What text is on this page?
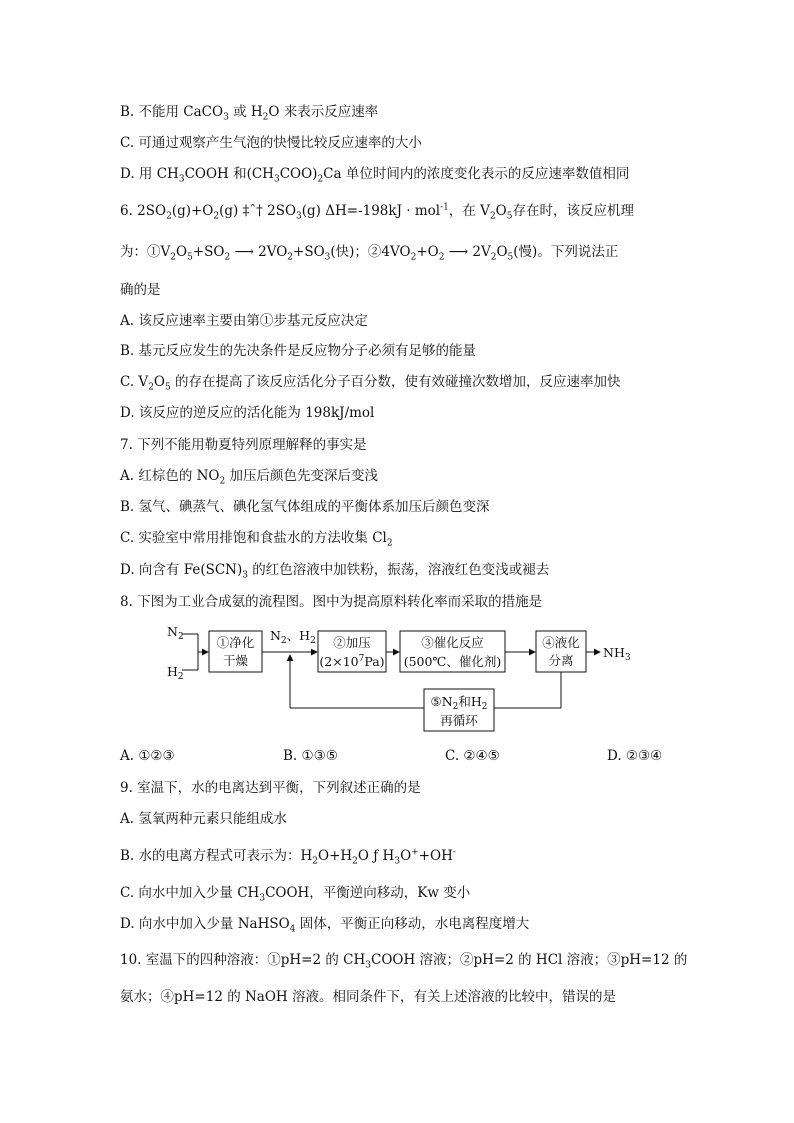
B. 不能用 CaCO$_3$ 或 $H_2O$ 来表示反应速率
C. 可通过观察产生气泡的快慢比较反应速率的大小
D. 用 $CH_3COOH$ 和$(CH_3COO)_2Ca$ 单位时间内的浓度变化表示的反应速率数值相同
6. $2SO_2(g)+O_2(g)$ ‡ˆ† $2SO_3(g) \Delta H=-198kJ \cdot mol^{-1}$，在 $V_2O_5$存在时，该反应机理
为：$①V_2O_5+SO_2$ ⟶ $2VO_2+SO_3$(快)；$②4VO_2+O_2$ ⟶ $2V_2O_5$(慢)。下列说法正
确的是
A. 该反应速率主要由第①步基元反应决定
B. 基元反应发生的先决条件是反应物分子必须有足够的能量
C. $V_2O_5$ 的存在提高了该反应活化分子百分数，使有效碰撞次数增加，反应速率加快
D. 该反应的逆反应的活化能为 198kJ/mol
7. 下列不能用勒夏特列原理解释的事实是
A. 红棕色的 $NO_2$ 加压后颜色先变深后变浅
B. 氢气、碘蒸气、碘化氢气体组成的平衡体系加压后颜色变深
C. 实验室中常用排饱和食盐水的方法收集 $Cl_2$
D. 向含有 $Fe(SCN)_3$ 的红色溶液中加铁粉，振荡，溶液红色变浅或褪去
8. 下图为工业合成氨的流程图。图中为提高原料转化率而采取的措施是
$N_2$
$H_2$
①净化
干燥
$N_2$、$H_2$ ②加压
$(2\times 10^7Pa)$
③催化反应
(500℃、催化剂)
④液化
分离
$NH_3$
$⑤N_2$和$H_2$
再循环
A. ①②③	B. ①③⑤	C. ②④⑤	D. ②③④
9. 室温下，水的电离达到平衡，下列叙述正确的是
A. 氢氧两种元素只能组成水
B. 水的电离方程式可表示为：$H_2O+H_2O$ ƒ $H_3O^++OH^-$
C. 向水中加入少量 $CH_3COOH$，平衡逆向移动，Kw 变小
D. 向水中加入少量 NaHSO$_4$ 固体，平衡正向移动，水电离程度增大
10. 室温下的四种溶液：①pH=2 的 $CH_3COOH$ 溶液；②pH=2 的 HCl 溶液；③pH=12 的
氨水；④pH=12 的 NaOH 溶液。相同条件下，有关上述溶液的比较中，错误的是
